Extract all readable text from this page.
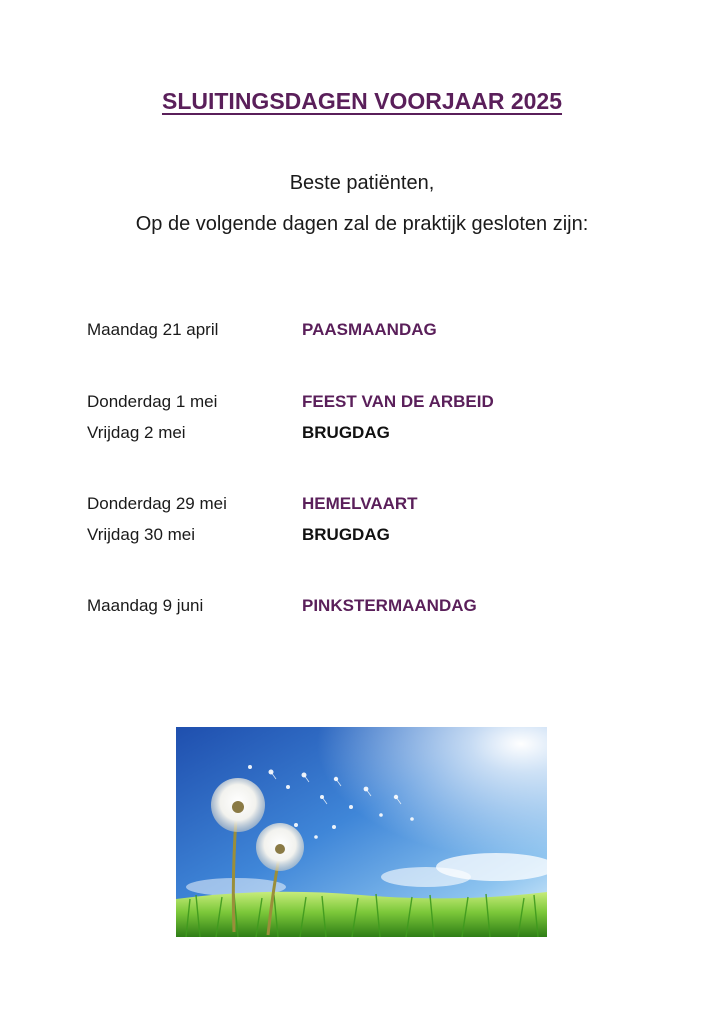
SLUITINGSDAGEN VOORJAAR 2025

Beste patiënten,

Op de volgende dagen zal de praktijk gesloten zijn:

Maandag 21 april	PAASMAANDAG
Donderdag 1 mei	FEEST VAN DE ARBEID
Vrijdag 2 mei	BRUGDAG
Donderdag 29 mei	HEMELVAART
Vrijdag 30 mei	BRUGDAG
Maandag 9 juni	PINKSTERMAANDAG
